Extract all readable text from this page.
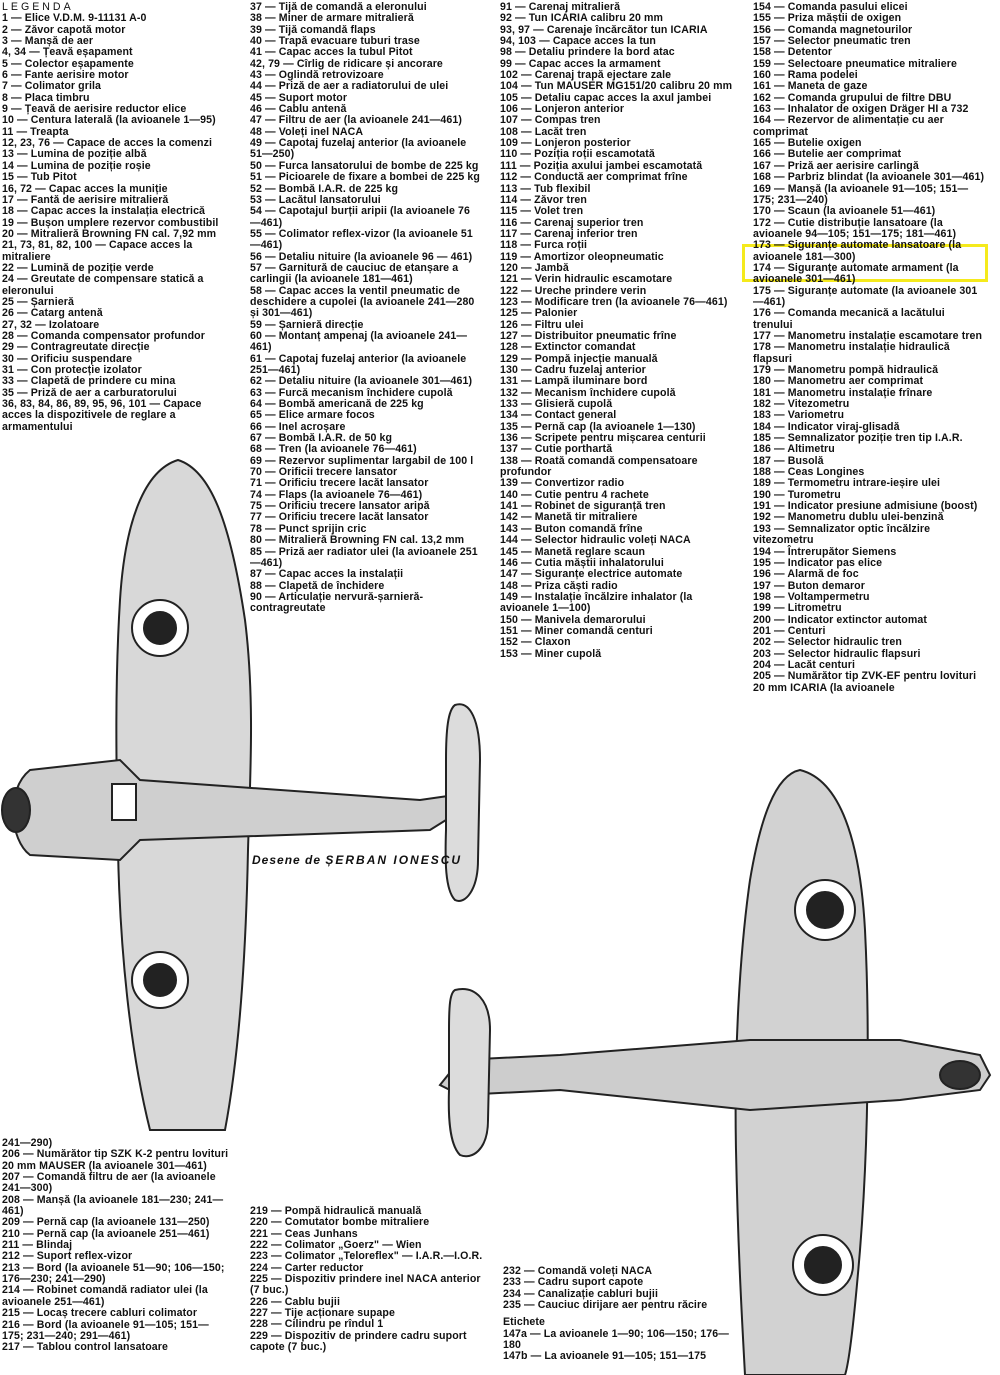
Desene de ȘERBAN IONESCU
LEGENDA
1 — Elice V.D.M. 9-11131 A-0
2 — Zăvor capotă motor
3 — Manșă de aer
4, 34 — Țeavă eșapament
5 — Colector eșapamente
6 — Fante aerisire motor
7 — Colimator grila
8 — Placa timbru
9 — Țeavă de aerisire reductor elice
10 — Centura laterală (la avioanele 1—95)
11 — Treapta
12, 23, 76 — Capace de acces la comenzi
13 — Lumina de poziție albă
14 — Lumina de poziție roșie
15 — Tub Pitot
16, 72 — Capac acces la muniție
17 — Fantă de aerisire mitralieră
18 — Capac acces la instalația electrică
19 — Bușon umplere rezervor combustibil
20 — Mitralieră Browning FN cal. 7,92 mm
21, 73, 81, 82, 100 — Capace acces la mitraliere
22 — Lumină de poziție verde
24 — Greutate de compensare statică a eleronului
25 — Șarnieră
26 — Catarg antenă
27, 32 — Izolatoare
28 — Comanda compensator profundor
29 — Contragreutate direcție
30 — Orificiu suspendare
31 — Con protecție izolator
33 — Clapetă de prindere cu mina
35 — Priză de aer a carburatorului
36, 83, 84, 86, 89, 95, 96, 101 — Capace acces la dispozitivele de reglare a armamentului
37 — Tijă de comandă a eleronului
38 — Miner de armare mitralieră
39 — Tijă comandă flaps
40 — Trapă evacuare tuburi trase
41 — Capac acces la tubul Pitot
42, 79 — Cîrlig de ridicare și ancorare
43 — Oglindă retrovizoare
44 — Priză de aer a radiatorului de ulei
45 — Suport motor
46 — Cablu antenă
47 — Filtru de aer (la avioanele 241—461)
48 — Voleți inel NACA
49 — Capotaj fuzelaj anterior (la avioanele 51—250)
50 — Furca lansatorului de bombe de 225 kg
51 — Picioarele de fixare a bombei de 225 kg
52 — Bombă I.A.R. de 225 kg
53 — Lacătul lansatorului
54 — Capotajul burții aripii (la avioanele 76—461)
55 — Colimator reflex-vizor (la avioanele 51—461)
56 — Detaliu nituire (la avioanele 96 — 461)
57 — Garnitură de cauciuc de etanșare a carlingii (la avioanele 181—461)
58 — Capac acces la ventil pneumatic de deschidere a cupolei (la avioanele 241—280 și 301—461)
59 — Șarnieră direcție
60 — Montanț ampenaj (la avioanele 241—461)
61 — Capotaj fuzelaj anterior (la avioanele 251—461)
62 — Detaliu nituire (la avioanele 301—461)
63 — Furcă mecanism închidere cupolă
64 — Bombă americană de 225 kg
65 — Elice armare focos
66 — Inel acroșare
67 — Bombă I.A.R. de 50 kg
68 — Tren (la avioanele 76—461)
69 — Rezervor suplimentar largabil de 100 l
70 — Orificii trecere lansator
71 — Orificiu trecere lacăt lansator
74 — Flaps (la avioanele 76—461)
75 — Orificiu trecere lansator aripă
77 — Orificiu trecere lacăt lansator
78 — Punct sprijin cric
80 — Mitralieră Browning FN cal. 13,2 mm
85 — Priză aer radiator ulei (la avioanele 251—461)
87 — Capac acces la instalații
88 — Clapetă de închidere
90 — Articulație nervură-șarnieră-contragreutate
91 — Carenaj mitralieră
92 — Tun ICARIA calibru 20 mm
93, 97 — Carenaje încărcător tun ICARIA
94, 103 — Capace acces la tun
98 — Detaliu prindere la bord atac
99 — Capac acces la armament
102 — Carenaj trapă ejectare zale
104 — Tun MAUSER MG151/20 calibru 20 mm
105 — Detaliu capac acces la axul jambei
106 — Lonjeron anterior
107 — Compas tren
108 — Lacăt tren
109 — Lonjeron posterior
110 — Poziția roții escamotată
111 — Poziția axului jambei escamotată
112 — Conductă aer comprimat frîne
113 — Tub flexibil
114 — Zăvor tren
115 — Volet tren
116 — Carenaj superior tren
117 — Carenaj inferior tren
118 — Furca roții
119 — Amortizor oleopneumatic
120 — Jambă
121 — Verin hidraulic escamotare
122 — Ureche prindere verin
123 — Modificare tren (la avioanele 76—461)
125 — Palonier
126 — Filtru ulei
127 — Distribuitor pneumatic frîne
128 — Extinctor comandat
129 — Pompă injecție manuală
130 — Cadru fuzelaj anterior
131 — Lampă iluminare bord
132 — Mecanism închidere cupolă
133 — Glisieră cupolă
134 — Contact general
135 — Pernă cap (la avioanele 1—130)
136 — Scripete pentru mișcarea centurii
137 — Cutie porthartă
138 — Roată comandă compensatoare profundor
139 — Convertizor radio
140 — Cutie pentru 4 rachete
141 — Robinet de siguranță tren
142 — Manetă tir mitraliere
143 — Buton comandă frîne
144 — Selector hidraulic voleți NACA
145 — Manetă reglare scaun
146 — Cutia măștii inhalatorului
147 — Siguranțe electrice automate
148 — Priza căști radio
149 — Instalație încălzire inhalator (la avioanele 1—100)
150 — Manivela demarorului
151 — Miner comandă centuri
152 — Claxon
153 — Miner cupolă
154 — Comanda pasului elicei
155 — Priza măștii de oxigen
156 — Comanda magnetourilor
157 — Selector pneumatic tren
158 — Detentor
159 — Selectoare pneumatice mitraliere
160 — Rama podelei
161 — Maneta de gaze
162 — Comanda grupului de filtre DBU
163 — Inhalator de oxigen Dräger HI a 732
164 — Rezervor de alimentație cu aer comprimat
165 — Butelie oxigen
166 — Butelie aer comprimat
167 — Priză aer aerisire carlingă
168 — Parbriz blindat (la avioanele 301—461)
169 — Manșă (la avioanele 91—105; 151—175; 231—240)
170 — Scaun (la avioanele 51—461)
172 — Cutie distribuție lansatoare (la avioanele 94—105; 151—175; 181—461)
173 — Siguranțe automate lansatoare (la avioanele 181—300)
174 — Siguranțe automate armament (la avioanele 301—461)
175 — Siguranțe automate (la avioanele 301—461)
176 — Comanda mecanică a lacătului trenului
177 — Manometru instalație escamotare tren
178 — Manometru instalație hidraulică flapsuri
179 — Manometru pompă hidraulică
180 — Manometru aer comprimat
181 — Manometru instalație frînare
182 — Vitezometru
183 — Variometru
184 — Indicator viraj-glisadă
185 — Semnalizator poziție tren tip I.A.R.
186 — Altimetru
187 — Busolă
188 — Ceas Longines
189 — Termometru intrare-ieșire ulei
190 — Turometru
191 — Indicator presiune admisiune (boost)
192 — Manometru dublu ulei-benzină
193 — Semnalizator optic încălzire vitezometru
194 — Întrerupător Siemens
195 — Indicator pas elice
196 — Alarmă de foc
197 — Buton demaror
198 — Voltampermetru
199 — Litrometru
200 — Indicator extinctor automat
201 — Centuri
202 — Selector hidraulic tren
203 — Selector hidraulic flapsuri
204 — Lacăt centuri
205 — Numărător tip ZVK-EF pentru lovituri 20 mm ICARIA (la avioanele
241—290)
206 — Numărător tip SZK K-2 pentru lovituri 20 mm MAUSER (la avioanele 301—461)
207 — Comandă filtru de aer (la avioanele 241—300)
208 — Manșă (la avioanele 181—230; 241—461)
209 — Pernă cap (la avioanele 131—250)
210 — Pernă cap (la avioanele 251—461)
211 — Blindaj
212 — Suport reflex-vizor
213 — Bord (la avioanele 51—90; 106—150; 176—230; 241—290)
214 — Robinet comandă radiator ulei (la avioanele 251—461)
215 — Locaș trecere cabluri colimator
216 — Bord (la avioanele 91—105; 151—175; 231—240; 291—461)
217 — Tablou control lansatoare
219 — Pompă hidraulică manuală
220 — Comutator bombe mitraliere
221 — Ceas Junhans
222 — Colimator „Goerz" — Wien
223 — Colimator „Teloreflex" — I.A.R.—I.O.R.
224 — Carter reductor
225 — Dispozitiv prindere inel NACA anterior (7 buc.)
226 — Cablu bujii
227 — Tije acționare supape
228 — Cilindru pe rîndul 1
229 — Dispozitiv de prindere cadru suport capote (7 buc.)
232 — Comandă voleți NACA
233 — Cadru suport capote
234 — Canalizație cabluri bujii
235 — Cauciuc dirijare aer pentru răcire
Etichete
147a — La avioanele 1—90; 106—150; 176—180
147b — La avioanele 91—105; 151—175
